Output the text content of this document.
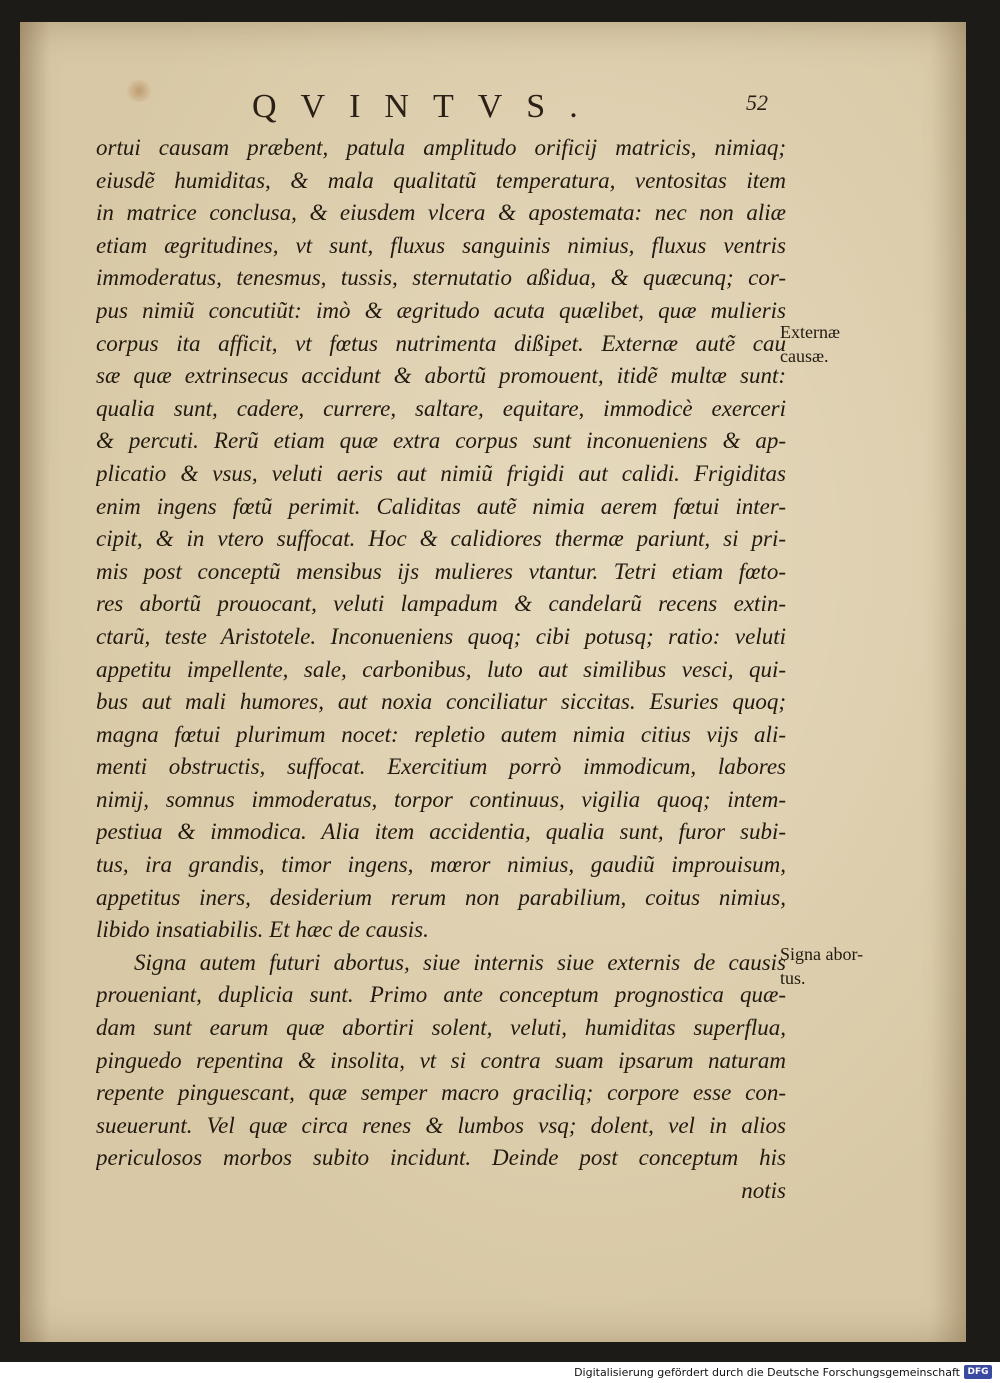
QVINTVS.	52
ortui causam præbent, patula amplitudo orificij matricis, nimiaq;
eiusdẽ humiditas, & mala qualitatũ temperatura, ventositas item
in matrice conclusa, & eiusdem vlcera & apostemata: nec non aliæ
etiam ægritudines, vt sunt, fluxus sanguinis nimius, fluxus ventris
immoderatus, tenesmus, tussis, sternutatio aßidua, & quæcunq; cor-
pus nimiũ concutiũt: imò & ægritudo acuta quælibet, quæ mulieris
corpus ita afficit, vt fœtus nutrimenta dißipet. Externæ autẽ cau
sæ quæ extrinsecus accidunt & abortũ promouent, itidẽ multæ sunt:
qualia sunt, cadere, currere, saltare, equitare, immodicè exerceri
& percuti. Rerũ etiam quæ extra corpus sunt inconueniens & ap-
plicatio & vsus, veluti aeris aut nimiũ frigidi aut calidi. Frigiditas
enim ingens fœtũ perimit. Caliditas autẽ nimia aerem fœtui inter-
cipit, & in vtero suffocat. Hoc & calidiores thermæ pariunt, si pri-
mis post conceptũ mensibus ijs mulieres vtantur. Tetri etiam fœto-
res abortũ prouocant, veluti lampadum & candelarũ recens extin-
ctarũ, teste Aristotele. Inconueniens quoq; cibi potusq; ratio: veluti
appetitu impellente, sale, carbonibus, luto aut similibus vesci, qui-
bus aut mali humores, aut noxia conciliatur siccitas. Esuries quoq;
magna fœtui plurimum nocet: repletio autem nimia citius vijs ali-
menti obstructis, suffocat. Exercitium porrò immodicum, labores
nimij, somnus immoderatus, torpor continuus, vigilia quoq; intem-
pestiua & immodica. Alia item accidentia, qualia sunt, furor subi-
tus, ira grandis, timor ingens, mœror nimius, gaudiũ improuisum,
appetitus iners, desiderium rerum non parabilium, coitus nimius,
libido insatiabilis. Et hæc de causis.
Signa autem futuri abortus, siue internis siue externis de causis
proueniant, duplicia sunt. Primo ante conceptum prognostica quæ-
dam sunt earum quæ abortiri solent, veluti, humiditas superflua,
pinguedo repentina & insolita, vt si contra suam ipsarum naturam
repente pinguescant, quæ semper macro graciliq; corpore esse con-
sueuerunt. Vel quæ circa renes & lumbos vsq; dolent, vel in alios
periculosos morbos subito incidunt. Deinde post conceptum his
notis
Externæ
causæ.
Signa abor-
tus.
Digitalisierung gefördert durch die Deutsche Forschungsgemeinschaft DFG
